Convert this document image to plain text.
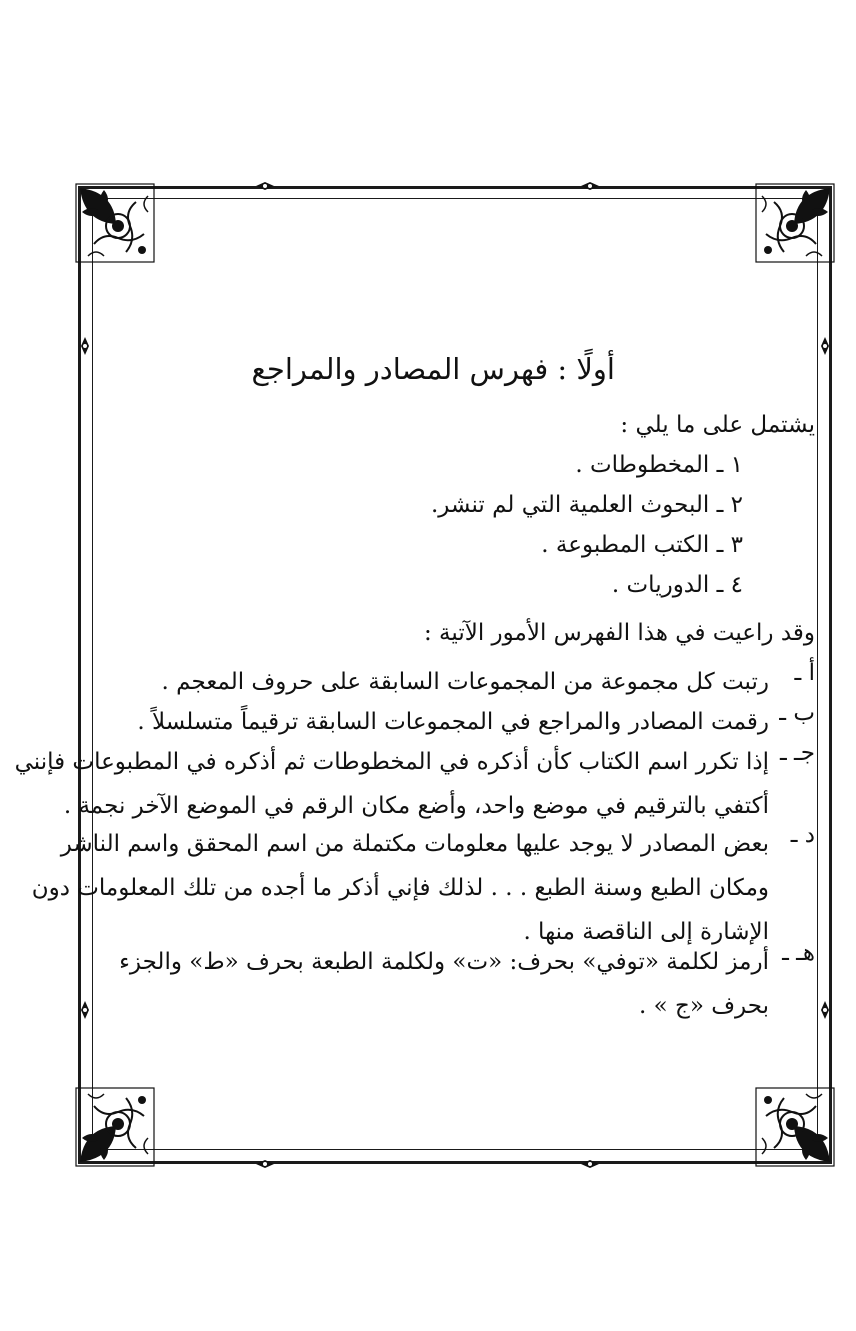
أولًا : فهرس المصادر والمراجع
يشتمل على ما يلي :
١ ـ المخطوطات .
٢ ـ البحوث العلمية التي لم تنشر.
٣ ـ الكتب المطبوعة .
٤ ـ الدوريات .
وقد راعيت في هذا الفهرس الأمور الآتية :
أ ـ
رتبت كل مجموعة من المجموعات السابقة على حروف المعجم .
ب ـ
رقمت المصادر والمراجع في المجموعات السابقة ترقيماً متسلسلاً .
جـ ـ
إذا تكرر اسم الكتاب كأن أذكره في المخطوطات ثم أذكره في المطبوعات فإنني
أكتفي بالترقيم في موضع واحد، وأضع مكان الرقم في الموضع الآخر نجمة .
د ـ
بعض المصادر لا يوجد عليها معلومات مكتملة من اسم المحقق واسم الناشر
ومكان الطبع وسنة الطبع . . . لذلك فإني أذكر ما أجده من تلك المعلومات دون
الإشارة إلى الناقصة منها .
هـ ـ
أرمز لكلمة «توفي» بحرف: «ت» ولكلمة الطبعة بحرف «ط» والجزء
بحرف «ج » .
